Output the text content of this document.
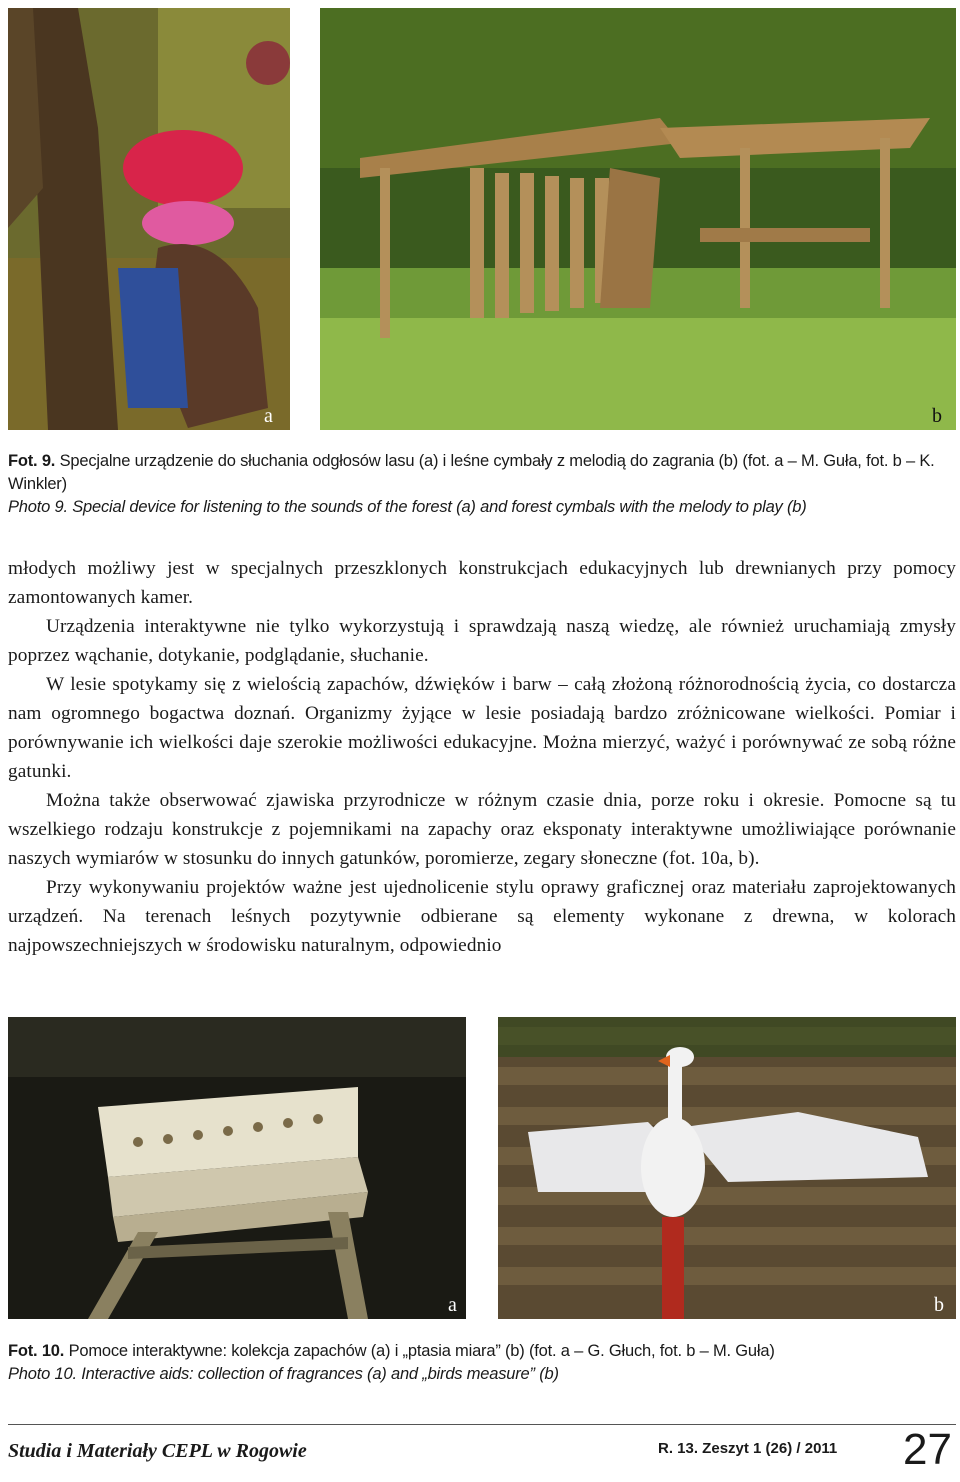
a	b
Fot. 9. Specjalne urządzenie do słuchania odgłosów lasu (a) i leśne cymbały z melodią do zagrania (b) (fot. a – M. Guła, fot. b – K. Winkler)
Photo 9. Special device for listening to the sounds of the forest (a) and forest cymbals with the melody to play (b)

młodych możliwy jest w specjalnych przeszklonych konstrukcjach edukacyjnych lub drewnianych przy pomocy zamontowanych kamer.

Urządzenia interaktywne nie tylko wykorzystują i sprawdzają naszą wiedzę, ale również uruchamiają zmysły poprzez wąchanie, dotykanie, podglądanie, słuchanie.

W lesie spotykamy się z wielością zapachów, dźwięków i barw – całą złożoną różnorodnością życia, co dostarcza nam ogromnego bogactwa doznań. Organizmy żyjące w lesie posiadają bardzo zróżnicowane wielkości. Pomiar i porównywanie ich wielkości daje szerokie możliwości edukacyjne. Można mierzyć, ważyć i porównywać ze sobą różne gatunki.

Można także obserwować zjawiska przyrodnicze w różnym czasie dnia, porze roku i okresie. Pomocne są tu wszelkiego rodzaju konstrukcje z pojemnikami na zapachy oraz eksponaty interaktywne umożliwiające porównanie naszych wymiarów w stosunku do innych gatunków, poromierze, zegary słoneczne (fot. 10a, b).

Przy wykonywaniu projektów ważne jest ujednolicenie stylu oprawy graficznej oraz materiału zaprojektowanych urządzeń. Na terenach leśnych pozytywnie odbierane są elementy wykonane z drewna, w kolorach najpowszechniejszych w środowisku naturalnym, odpowiednio

a	b
Fot. 10. Pomoce interaktywne: kolekcja zapachów (a) i „ptasia miara” (b) (fot. a – G. Głuch, fot. b – M. Guła)
Photo 10. Interactive aids: collection of fragrances (a) and „birds measure” (b)
Studia i Materiały CEPL w Rogowie	R. 13. Zeszyt 1 (26) / 2011 27
